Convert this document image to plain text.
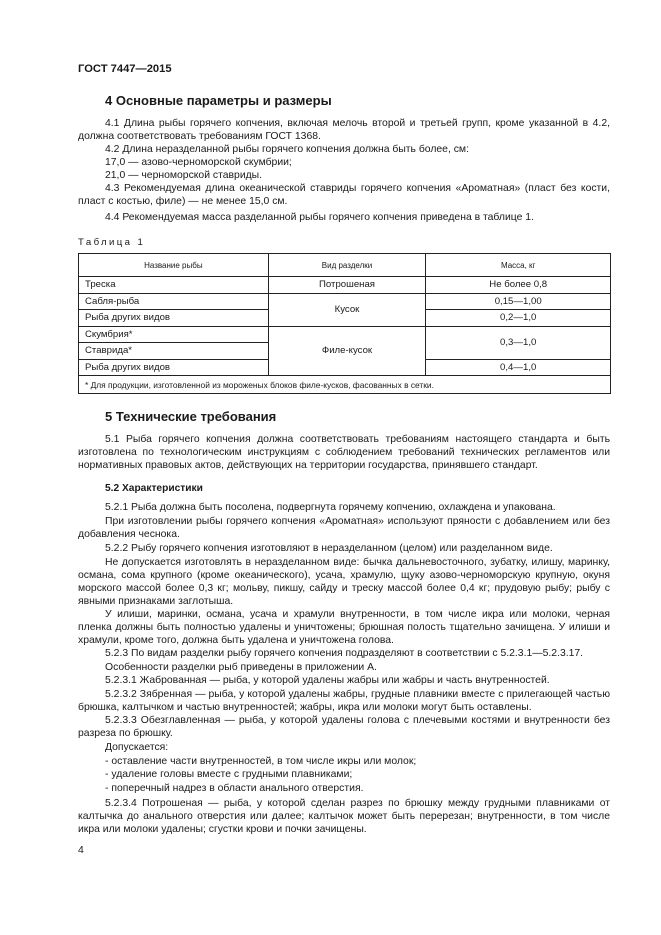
ГОСТ 7447—2015
4 Основные параметры и размеры

4.1 Длина рыбы горячего копчения, включая мелочь второй и третьей групп, кроме указанной в 4.2, должна соответствовать требованиям ГОСТ 1368.

4.2 Длина неразделанной рыбы горячего копчения должна быть более, см:

17,0 — азово-черноморской скумбрии;

21,0 — черноморской ставриды.

4.3 Рекомендуемая длина океанической ставриды горячего копчения «Ароматная» (пласт без кости, пласт с костью, филе) — не менее 15,0 см.

4.4 Рекомендуемая масса разделанной рыбы горячего копчения приведена в таблице 1.

Таблица 1

Название рыбы	Вид разделки	Масса, кг
Треска	Потрошеная	Не более 0,8
Сабля-рыба	Кусок	0,15—1,00
Рыба других видов		0,2—1,0
Скумбрия*	Филе-кусок	0,3—1,0
Ставрида*		
Рыба других видов		0,4—1,0
* Для продукции, изготовленной из мороженых блоков филе-кусков, фасованных в сетки.		
5 Технические требования

5.1 Рыба горячего копчения должна соответствовать требованиям настоящего стандарта и быть изготовлена по технологическим инструкциям с соблюдением требований технических регламентов или нормативных правовых актов, действующих на территории государства, принявшего стандарт.

5.2 Характеристики

5.2.1 Рыба должна быть посолена, подвергнута горячему копчению, охлаждена и упакована.

При изготовлении рыбы горячего копчения «Ароматная» используют пряности с добавлением или без добавления чеснока.

5.2.2 Рыбу горячего копчения изготовляют в неразделанном (целом) или разделанном виде.

Не допускается изготовлять в неразделанном виде: бычка дальневосточного, зубатку, илишу, маринку, османа, сома крупного (кроме океанического), усача, храмулю, щуку азово-черноморскую крупную, окуня морского массой более 0,3 кг; мольву, пикшу, сайду и треску массой более 0,4 кг; прудовую рыбу; рыбу с явными признаками заглотыша.

У илиши, маринки, османа, усача и храмули внутренности, в том числе икра или молоки, черная пленка должны быть полностью удалены и уничтожены; брюшная полость тщательно зачищена. У илиши и храмули, кроме того, должна быть удалена и уничтожена голова.

5.2.3 По видам разделки рыбу горячего копчения подразделяют в соответствии с 5.2.3.1—5.2.3.17.

Особенности разделки рыб приведены в приложении А.

5.2.3.1 Жаброванная — рыба, у которой удалены жабры или жабры и часть внутренностей.

5.2.3.2 Зябренная — рыба, у которой удалены жабры, грудные плавники вместе с прилегающей частью брюшка, калтычком и частью внутренностей; жабры, икра или молоки могут быть оставлены.

5.2.3.3 Обезглавленная — рыба, у которой удалены голова с плечевыми костями и внутренности без разреза по брюшку.

Допускается:

- оставление части внутренностей, в том числе икры или молок;

- удаление головы вместе с грудными плавниками;

- поперечный надрез в области анального отверстия.

5.2.3.4 Потрошеная — рыба, у которой сделан разрез по брюшку между грудными плавниками от калтычка до анального отверстия или далее; калтычок может быть перерезан; внутренности, в том числе икра или молоки удалены; сгустки крови и почки зачищены.

4
